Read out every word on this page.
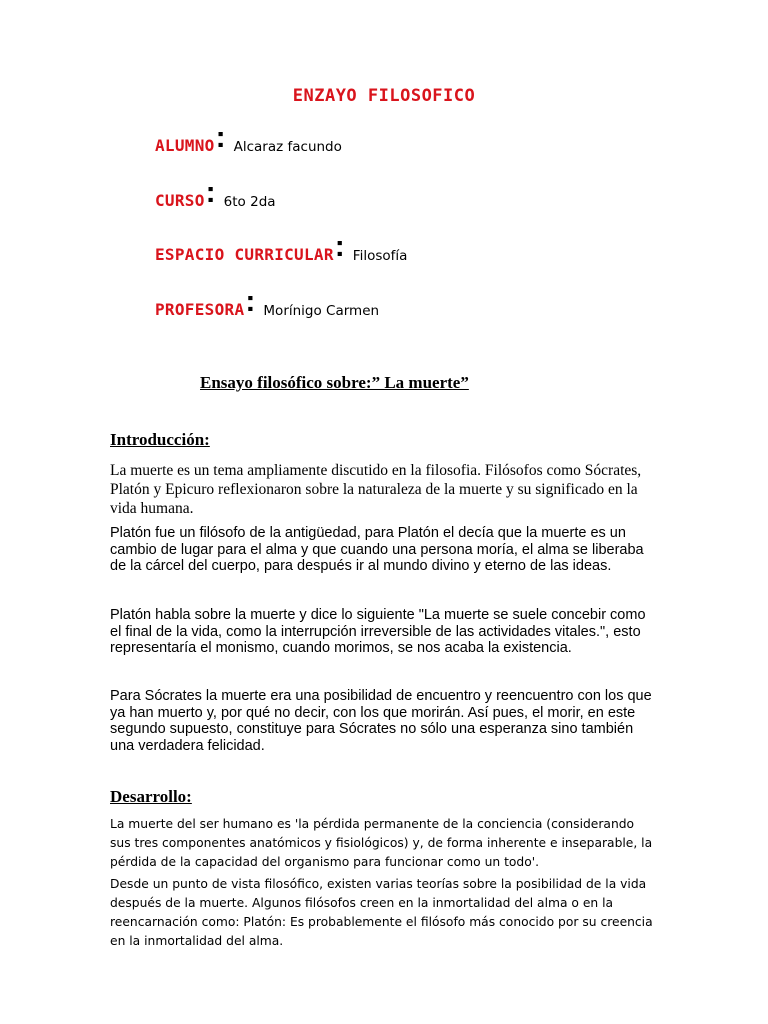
ENZAYO FILOSOFICO
ALUMNO: Alcaraz facundo
CURSO: 6to 2da
ESPACIO CURRICULAR: Filosofía
PROFESORA: Morínigo Carmen
Ensayo filosófico sobre:” La muerte”
Introducción:

La muerte es un tema ampliamente discutido en la filosofia. Filósofos como Sócrates, Platón y Epicuro reflexionaron sobre la naturaleza de la muerte y su significado en la vida humana.

Platón fue un filósofo de la antigüedad, para Platón el decía que la muerte es un cambio de lugar para el alma y que cuando una persona moría, el alma se liberaba de la cárcel del cuerpo, para después ir al mundo divino y eterno de las ideas.

Platón habla sobre la muerte y dice lo siguiente "La muerte se suele concebir como el final de la vida, como la interrupción irreversible de las actividades vitales.", esto representaría el monismo, cuando morimos, se nos acaba la existencia.

Para Sócrates la muerte era una posibilidad de encuentro y reencuentro con los que ya han muerto y, por qué no decir, con los que morirán. Así pues, el morir, en este segundo supuesto, constituye para Sócrates no sólo una esperanza sino también una verdadera felicidad.

Desarrollo:

La muerte del ser humano es 'la pérdida permanente de la conciencia (considerando sus tres componentes anatómicos y fisiológicos) y, de forma inherente e inseparable, la pérdida de la capacidad del organismo para funcionar como un todo'.

Desde un punto de vista filosófico, existen varias teorías sobre la posibilidad de la vida después de la muerte. Algunos filósofos creen en la inmortalidad del alma o en la reencarnación como: Platón: Es probablemente el filósofo más conocido por su creencia en la inmortalidad del alma.
